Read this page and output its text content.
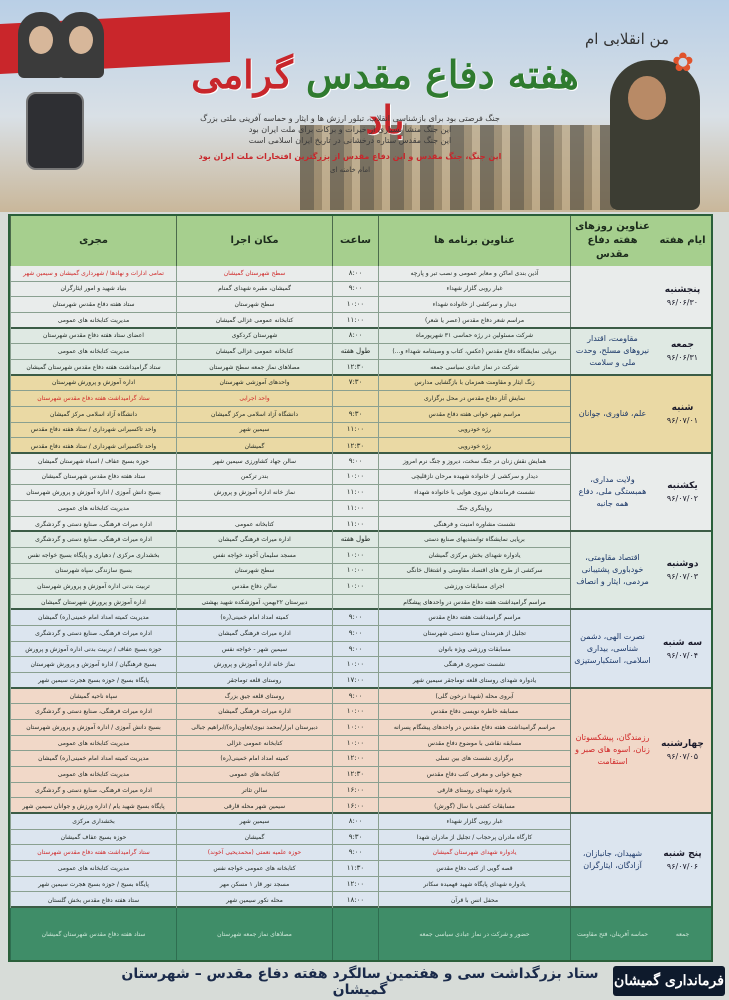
✿
من انقلابی ام
هفته دفاع مقدس گرامی باد
جنگ فرصتی بود برای بازشناسی انقلاب، تبلور ارزش ها و ایثار و حماسه آفرینی ملتی بزرگ
این جنگ منشأ بسیاری از خیرات و برکات برای ملت ایران بود
این جنگ مقدس ستاره درخشانی در تاریخ ایران اسلامی است
این جنگ، جنگ مقدس و این دفاع مقدس از بزرگترین افتخارات ملت ایران بود
امام خامنه ای
مجری	مکان اجرا	ساعت	عناوین برنامه ها
عناوین روزهای هفته دفاع مقدس
ایام هفته
پنجشنبه
۹۶/۰۶/۳۰
تمامی ادارات و نهادها / شهرداری گمیشان و سیمین شهر	سطح شهرستان گمیشان	۸:۰۰	آذین بندی اماکن و معابر عمومی و نصب تبر و پارچه
بنیاد شهید و امور ایثارگران	گمیشان، مقبره شهدای گمنام	۹:۰۰	غبار روبی گلزار شهداء
ستاد هفته دفاع مقدس شهرستان	سطح شهرستان	۱۰:۰۰	دیدار و سرکشی از خانواده شهداء
مدیریت کتابخانه های عمومی	کتابخانه عمومی غزالی گمیشان	۱۱:۰۰	مراسم شعر دفاع مقدس (عصر یا شعر)
جمعه
۹۶/۰۶/۳۱
مقاومت، اقتدار نیروهای مسلح، وحدت ملی و سلامت
اعضای ستاد هفته دفاع مقدس شهرستان	شهرستان کردکوی	۸:۰۰	شرکت مسئولین در رژه حماسی ۳۱ شهریورماه
مدیریت کتابخانه های عمومی	کتابخانه عمومی غزالی گمیشان	طول هفته	برپایی نمایشگاه دفاع مقدس (عکس، کتاب و وصیتنامه شهداء و...)
ستاد گرامیداشت هفته دفاع مقدس شهرستان گمیشان	مصلاهای نماز جمعه سطح شهرستان	۱۲:۳۰	شرکت در نماز عبادی سیاسی جمعه
شنبه
۹۶/۰۷/۰۱
علم، فناوری، جوانان
اداره آموزش و پرورش شهرستان	واحدهای آموزشی شهرستان	۷:۳۰	زنگ ایثار و مقاومت همزمان با بازگشایی مدارس
ستاد گرامیداشت هفته دفاع مقدس شهرستان	واحد اجرایی	نمایش آثار دفاع مقدس در محل برگزاری
دانشگاه آزاد اسلامی مرکز گمیشان	دانشگاه آزاد اسلامی مرکز گمیشان	۹:۳۰	مراسم شهر خوانی هفته دفاع مقدس
واحد تاکسیرانی شهرداری / ستاد هفته دفاع مقدس	سیمین شهر	۱۱:۰۰	رژه خودرویی
واحد تاکسیرانی شهرداری / ستاد هفته دفاع مقدس	گمیشان	۱۲:۳۰	رژه خودرویی
یکشنبه
۹۶/۰۷/۰۲
ولایت مداری، همبستگی ملی، دفاع همه جانبه
حوزه بسیج عفاف / اسباه شهرستان گمیشان	سالن جهاد کشاورزی سیمین شهر	۹:۰۰	همایش نقش زنان در جنگ سخت، دیروز و جنگ نرم امروز
ستاد هفته دفاع مقدس شهرستان گمیشان	بندر ترکمن	۱۰:۰۰	دیدار و سرکشی از خانواده شهیده مرحان نازقلیچی
بسیج دانش آموزی / اداره آموزش و پرورش شهرستان	نماز خانه اداره آموزش و پرورش	۱۱:۰۰	نشست فرماندهان نیروی هوایی با خانواده شهداء
مدیریت کتابخانه های عمومی	۱۱:۰۰	روایتگری جنگ
اداره میراث فرهنگی، صنایع دستی و گردشگری	کتابخانه عمومی	۱۱:۰۰	نشست مشاوره امنیت و فرهنگی
دوشنبه
۹۶/۰۷/۰۳
اقتصاد مقاومتی، خودباوری پشتیبانی مردمی، ایثار و انصاف
اداره میراث فرهنگی، صنایع دستی و گردشگری	اداره میراث فرهنگی گمیشان	طول هفته	برپایی نمایشگاه توانمندیهای صنایع دستی
بخشداری مرکزی / دهیاری و پایگاه بسیج خواجه نفس	مسجد سلیمان آخوند خواجه نفس	۱۰:۰۰	یادواره شهدای بخش مرکزی گمیشان
بسیج سازندگی سپاه شهرستان	سطح شهرستان	۱۰:۰۰	سرکشی از طرح های اقتصاد مقاومتی و اشتغال خانگی
تربیت بدنی اداره آموزش و پرورش شهرستان	سالن دفاع مقدس	۱۰:۰۰	اجرای مسابقات ورزشی
اداره آموزش و پرورش شهرستان گمیشان	دبیرستان ۲۲بهمن، آموزشکده شهید بهشتی	مراسم گرامیداشت هفته دفاع مقدس در واحدهای پیشگام
سه شنبه
۹۶/۰۷/۰۴
نصرت الهی، دشمن شناسی، بیداری اسلامی، استکبارستیزی
مدیریت کمیته امداد امام خمینی(ره) گمیشان	کمیته امداد امام خمینی(ره)	۹:۰۰	مراسم گرامیداشت هفته دفاع مقدس
اداره میراث فرهنگی، صنایع دستی و گردشگری	اداره میراث فرهنگی گمیشان	۹:۰۰	تجلیل از هنرمندان صنایع دستی شهرستان
حوزه بسیج عفاف / تربیت بدنی اداره آموزش و پرورش	سیمین شهر - خواجه نفس	۹:۰۰	مسابقات ورزشی ویژه بانوان
بسیج فرهنگیان / اداره آموزش و پرورش شهرستان	نماز خانه اداره آموزش و پرورش	۱۰:۰۰	نشست تصویری فرهنگی
پایگاه بسیج / حوزه بسیج هجرت سیمین شهر	روستای قلعه توماجقر	۱۷:۰۰	یادواره شهدای روستای قلعه توماجقر سیمین شهر
چهارشنبه
۹۶/۰۷/۰۵
رزمندگان، پیشکسوتان زنان، اسوه های صبر و استقامت
سپاه ناحیه گمیشان	روستای قلعه جیق بزرگ	۹:۰۰	آبروی محله (شهدا درخون گلی)
اداره میراث فرهنگی، صنایع دستی و گردشگری	اداره میراث فرهنگی گمیشان	۱۰:۰۰	مسابقه خاطره نویسی دفاع مقدس
بسیج دانش آموزی / اداره آموزش و پرورش شهرستان	دبیرستان ابرار/محمد نبوی/تعاون(ره)/ابراهیم جبالی	۱۰:۰۰	مراسم گرامیداشت هفته دفاع مقدس در واحدهای پیشگام پسرانه
مدیریت کتابخانه های عمومی	کتابخانه عمومی غزالی	۱۰:۰۰	مسابقه نقاشی با موضوع دفاع مقدس
مدیریت کمیته امداد امام خمینی(ره) گمیشان	کمیته امداد امام خمینی(ره)	۱۲:۰۰	برگزاری نشست های بین نسلی
مدیریت کتابخانه های عمومی	کتابخانه های عمومی	۱۲:۳۰	جمع خوانی و معرفی کتب دفاع مقدس
اداره میراث فرهنگی، صنایع دستی و گردشگری	سالن تئاتر	۱۶:۰۰	یادواره شهدای روستای قارقی
پایگاه بسیج شهید یام / اداره ورزش و جوانان سیمین شهر	سیمین شهر محله قارقی	۱۶:۰۰	مسابقات کشتی با سال (گورش)
پنج شنبه
۹۶/۰۷/۰۶
شهیدان، جانبازان، آزادگان، ایثارگران
بخشداری مرکزی	سیمین شهر	۸:۰۰	غبار روبی گلزار شهداء
حوزه بسیج عفاف گمیشان	گمیشان	۹:۳۰	کارگاه مادران پرحجاب / تجلیل از مادران شهدا
ستاد گرامیداشت هفته دفاع مقدس شهرستان	حوزه علمیه نعمتی (محمدیحیی آخوند)	۹:۰۰	یادواره شهدای شهرستان گمیشان
مدیریت کتابخانه های عمومی	کتابخانه های عمومی خواجه نفس	۱۱:۳۰	قصه گویی از کتب دفاع مقدس
پایگاه بسیج / حوزه بسیج هجرت سیمین شهر	مسجد نور قار ۱ مسکن مهر	۱۲:۰۰	یادواره شهدای پایگاه شهید فهمیده سکانر
ستاد هفته دفاع مقدس بخش گلستان	محله نکور سیمین شهر	۱۸:۰۰	محفل انس با قرآن
ستاد هفته دفاع مقدس شهرستان گمیشان	مصلاهای نماز جمعه شهرستان	حضور و شرکت در نماز عبادی سیاسی جمعه	حماسه آفرینان، فتح مقاومت	جمعه
ستاد بزرگداشت سی و هفتمین سالگرد هفته دفاع مقدس – شهرستان گمیشان
فرمانداری گمیشان
